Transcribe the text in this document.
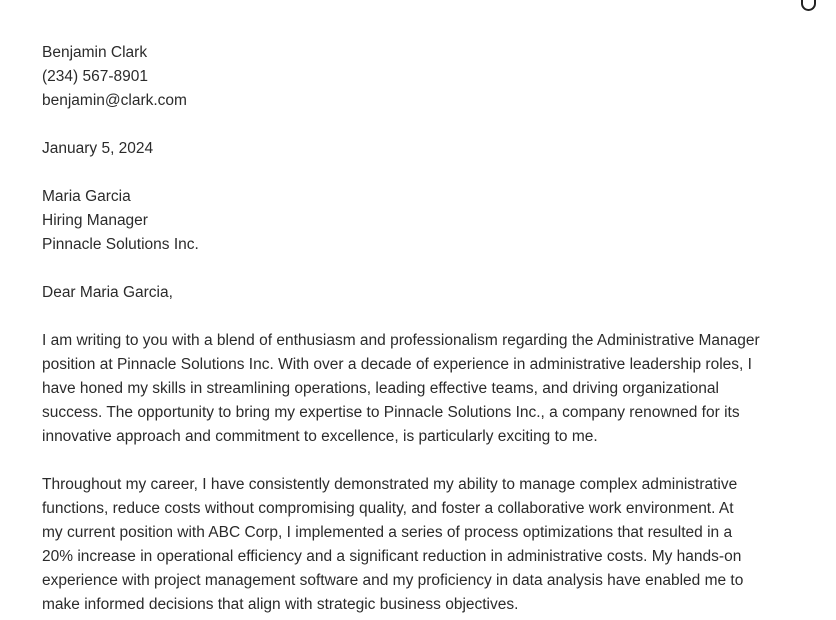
Benjamin Clark
(234) 567-8901
benjamin@clark.com
January 5, 2024
Maria Garcia
Hiring Manager
Pinnacle Solutions Inc.
Dear Maria Garcia,
I am writing to you with a blend of enthusiasm and professionalism regarding the Administrative Manager
position at Pinnacle Solutions Inc. With over a decade of experience in administrative leadership roles, I
have honed my skills in streamlining operations, leading effective teams, and driving organizational
success. The opportunity to bring my expertise to Pinnacle Solutions Inc., a company renowned for its
innovative approach and commitment to excellence, is particularly exciting to me.
Throughout my career, I have consistently demonstrated my ability to manage complex administrative
functions, reduce costs without compromising quality, and foster a collaborative work environment. At
my current position with ABC Corp, I implemented a series of process optimizations that resulted in a
20% increase in operational efficiency and a significant reduction in administrative costs. My hands-on
experience with project management software and my proficiency in data analysis have enabled me to
make informed decisions that align with strategic business objectives.
